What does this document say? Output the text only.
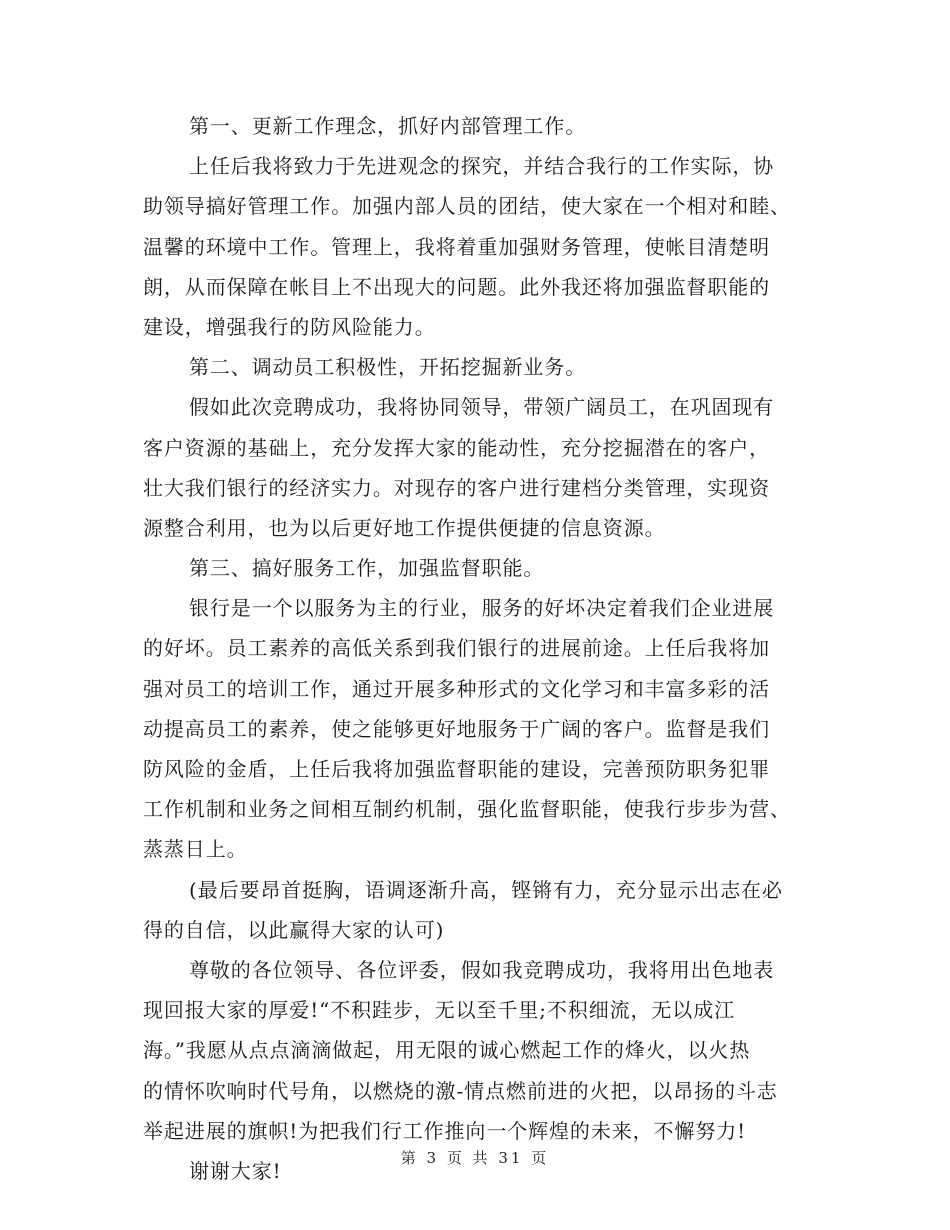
第一、更新工作理念，抓好内部管理工作。
上任后我将致力于先进观念的探究，并结合我行的工作实际，协
助领导搞好管理工作。加强内部人员的团结，使大家在一个相对和睦、
温馨的环境中工作。管理上，我将着重加强财务管理，使帐目清楚明
朗，从而保障在帐目上不出现大的问题。此外我还将加强监督职能的
建设，增强我行的防风险能力。
第二、调动员工积极性，开拓挖掘新业务。
假如此次竞聘成功，我将协同领导，带领广阔员工，在巩固现有
客户资源的基础上，充分发挥大家的能动性，充分挖掘潜在的客户，
壮大我们银行的经济实力。对现存的客户进行建档分类管理，实现资
源整合利用，也为以后更好地工作提供便捷的信息资源。
第三、搞好服务工作，加强监督职能。
银行是一个以服务为主的行业，服务的好坏决定着我们企业进展
的好坏。员工素养的高低关系到我们银行的进展前途。上任后我将加
强对员工的培训工作，通过开展多种形式的文化学习和丰富多彩的活
动提高员工的素养，使之能够更好地服务于广阔的客户。监督是我们
防风险的金盾，上任后我将加强监督职能的建设，完善预防职务犯罪
工作机制和业务之间相互制约机制，强化监督职能，使我行步步为营、
蒸蒸日上。
(最后要昂首挺胸，语调逐渐升高，铿锵有力，充分显示出志在必
得的自信，以此赢得大家的认可)
尊敬的各位领导、各位评委，假如我竞聘成功，我将用出色地表
现回报大家的厚爱!“不积跬步，无以至千里;不积细流，无以成江
海。”我愿从点点滴滴做起，用无限的诚心燃起工作的烽火，以火热
的情怀吹响时代号角，以燃烧的激-情点燃前进的火把，以昂扬的斗志
举起进展的旗帜!为把我们行工作推向一个辉煌的未来，不懈努力!
谢谢大家!
第 3 页 共 31 页
